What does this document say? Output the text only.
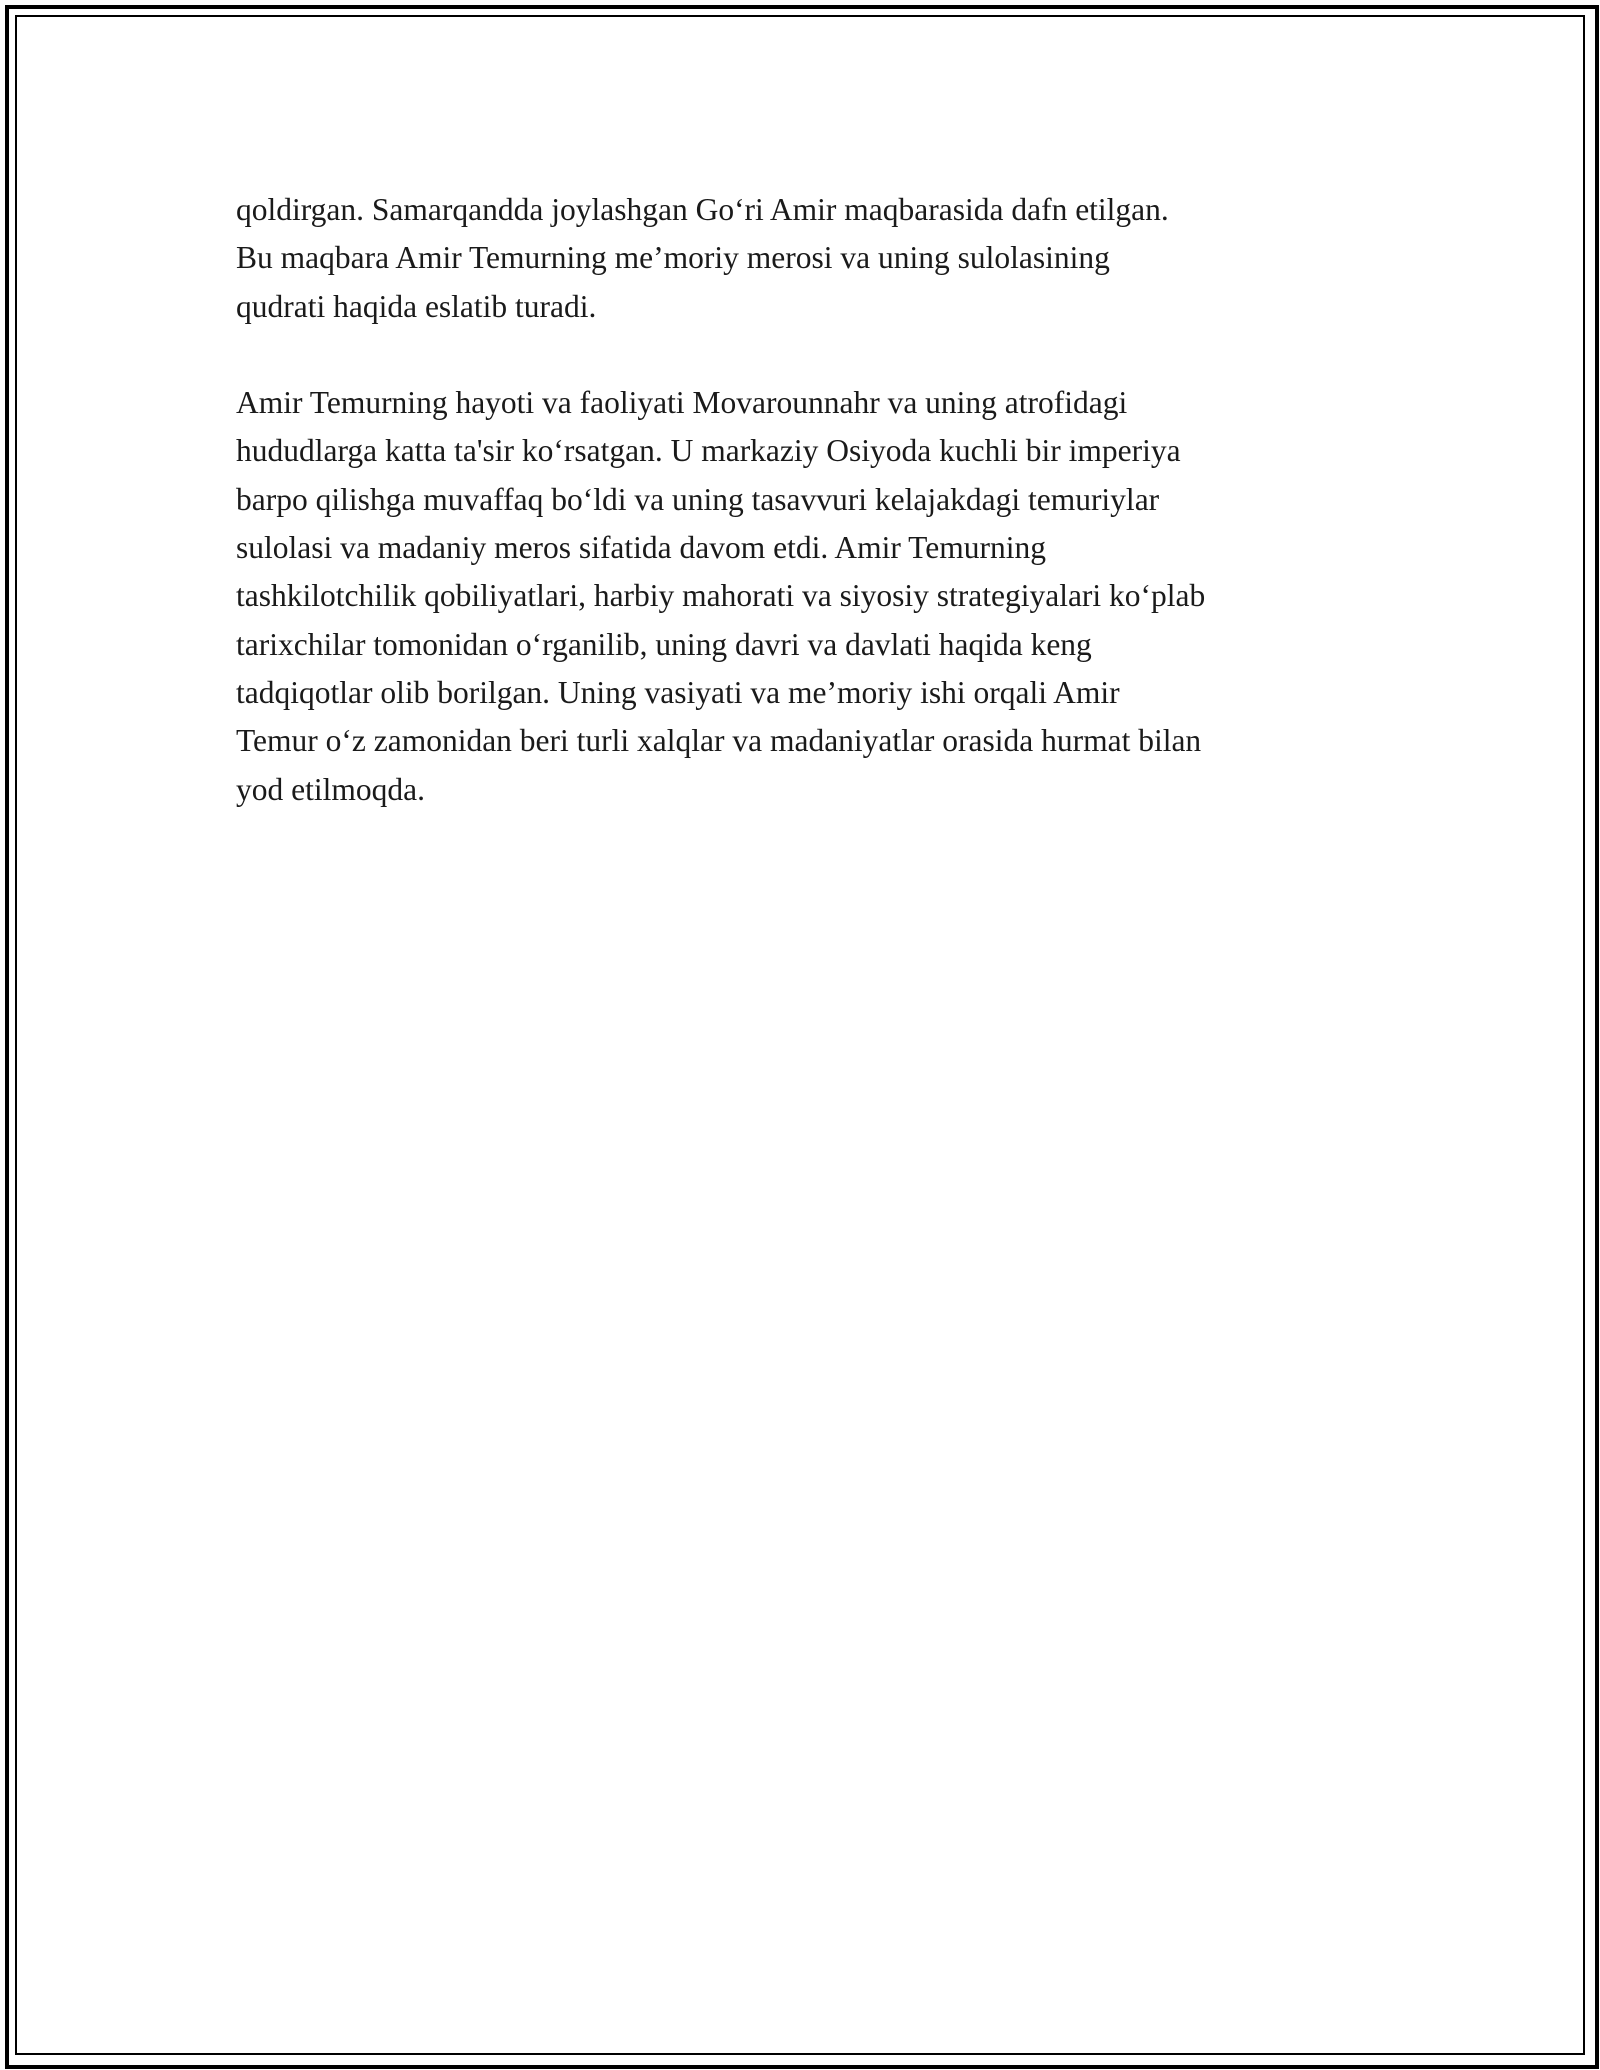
qoldirgan. Samarqandda joylashgan Go‘ri Amir maqbarasida dafn etilgan.
Bu maqbara Amir Temurning me’moriy merosi va uning sulolasining
qudrati haqida eslatib turadi.

Amir Temurning hayoti va faoliyati Movarounnahr va uning atrofidagi
hududlarga katta ta'sir ko‘rsatgan. U markaziy Osiyoda kuchli bir imperiya
barpo qilishga muvaffaq bo‘ldi va uning tasavvuri kelajakdagi temuriylar
sulolasi va madaniy meros sifatida davom etdi. Amir Temurning
tashkilotchilik qobiliyatlari, harbiy mahorati va siyosiy strategiyalari ko‘plab
tarixchilar tomonidan o‘rganilib, uning davri va davlati haqida keng
tadqiqotlar olib borilgan. Uning vasiyati va me’moriy ishi orqali Amir
Temur o‘z zamonidan beri turli xalqlar va madaniyatlar orasida hurmat bilan
yod etilmoqda.
